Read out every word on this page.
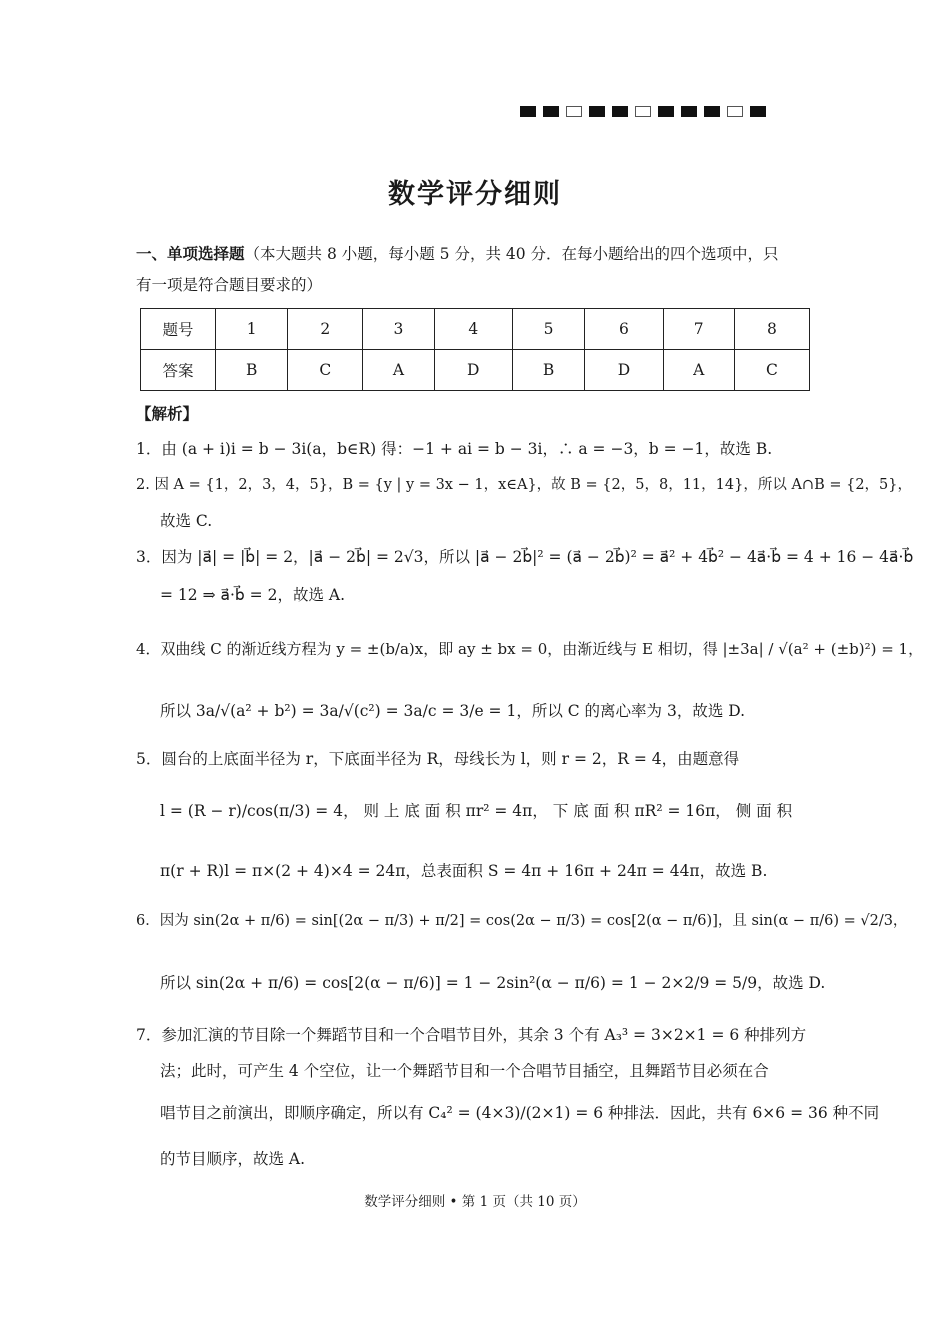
数学评分细则
一、单项选择题（本大题共 8 小题，每小题 5 分，共 40 分．在每小题给出的四个选项中，只
有一项是符合题目要求的）
题号	1	2	3	4	5	6	7	8
答案	B	C	A	D	B	D	A	C
【解析】
1．由 (a + i)i = b − 3i(a，b∈R) 得：−1 + ai = b − 3i，∴ a = −3，b = −1，故选 B.
2. 因 A = {1，2，3，4，5}，B = {y | y = 3x − 1，x∈A}，故 B = {2，5，8，11，14}，所以 A∩B = {2，5}，
故选 C.
3．因为 |a⃗| = |b⃗| = 2，|a⃗ − 2b⃗| = 2√3，所以 |a⃗ − 2b⃗|² = (a⃗ − 2b⃗)² = a⃗² + 4b⃗² − 4a⃗·b⃗ = 4 + 16 − 4a⃗·b⃗
= 12 ⇒ a⃗·b⃗ = 2，故选 A.
4．双曲线 C 的渐近线方程为 y = ±(b/a)x，即 ay ± bx = 0，由渐近线与 E 相切，得 |±3a| / √(a² + (±b)²) = 1，
所以 3a/√(a² + b²) = 3a/√(c²) = 3a/c = 3/e = 1，所以 C 的离心率为 3，故选 D.
5．圆台的上底面半径为 r，下底面半径为 R，母线长为 l，则 r = 2，R = 4，由题意得
l = (R − r)/cos(π/3) = 4， 则 上 底 面 积 πr² = 4π， 下 底 面 积 πR² = 16π， 侧 面 积
π(r + R)l = π×(2 + 4)×4 = 24π，总表面积 S = 4π + 16π + 24π = 44π，故选 B.
6．因为 sin(2α + π/6) = sin[(2α − π/3) + π/2] = cos(2α − π/3) = cos[2(α − π/6)]，且 sin(α − π/6) = √2/3，
所以 sin(2α + π/6) = cos[2(α − π/6)] = 1 − 2sin²(α − π/6) = 1 − 2×2/9 = 5/9，故选 D.
7．参加汇演的节目除一个舞蹈节目和一个合唱节目外，其余 3 个有 A₃³ = 3×2×1 = 6 种排列方
法；此时，可产生 4 个空位，让一个舞蹈节目和一个合唱节目插空，且舞蹈节目必须在合
唱节目之前演出，即顺序确定，所以有 C₄² = (4×3)/(2×1) = 6 种排法．因此，共有 6×6 = 36 种不同
的节目顺序，故选 A.
数学评分细则 • 第 1 页（共 10 页）
